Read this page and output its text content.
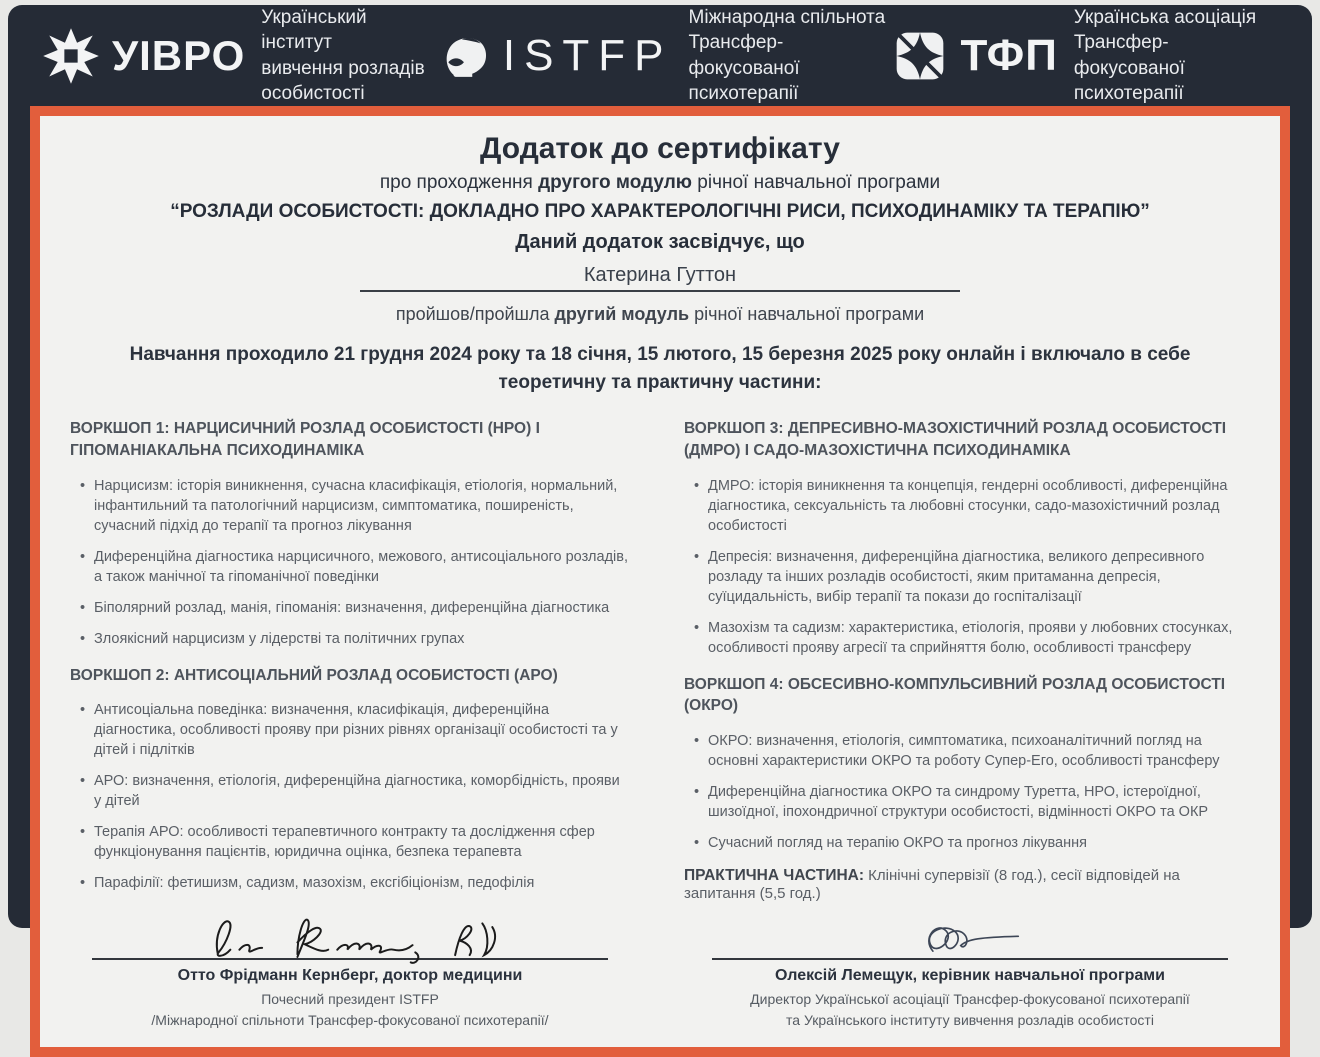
УІВРО
Український інститут
вивчення розладів
особистості
ISTFP
Міжнародна спільнота
Трансфер-фокусованої
психотерапії
ТФП
Українська асоціація
Трансфер-фокусованої
психотерапії
Додаток до сертифікату
про проходження другого модулю річної навчальної програми
“РОЗЛАДИ ОСОБИСТОСТІ: ДОКЛАДНО ПРО ХАРАКТЕРОЛОГІЧНІ РИСИ, ПСИХОДИНАМІКУ ТА ТЕРАПІЮ”
Даний додаток засвідчує, що
Катерина Гуттон
пройшов/пройшла другий модуль річної навчальної програми
Навчання проходило 21 грудня 2024 року та 18 січня, 15 лютого, 15 березня 2025 року онлайн і включало в себе
теоретичну та практичну частини:
ВОРКШОП 1: НАРЦИСИЧНИЙ РОЗЛАД ОСОБИСТОСТІ (НРО) І ГІПОМАНІАКАЛЬНА ПСИХОДИНАМІКА
• Нарцисизм: історія виникнення, сучасна класифікація, етіологія, нормальний, інфантильний та патологічний нарцисизм, симптоматика, поширеність, сучасний підхід до терапії та прогноз лікування
• Диференційна діагностика нарцисичного, межового, антисоціального розладів, а також манічної та гіпоманічної поведінки
• Біполярний розлад, манія, гіпоманія: визначення, диференційна діагностика
• Злоякісний нарцисизм у лідерстві та політичних групах
ВОРКШОП 2: АНТИСОЦІАЛЬНИЙ РОЗЛАД ОСОБИСТОСТІ (АРО)
• Антисоціальна поведінка: визначення, класифікація, диференційна діагностика, особливості прояву при різних рівнях організації особистості та у дітей і підлітків
• АРО: визначення, етіологія, диференційна діагностика, коморбідність, прояви у дітей
• Терапія АРО: особливості терапевтичного контракту та дослідження сфер функціонування пацієнтів, юридична оцінка, безпека терапевта
• Парафілії: фетишизм, садизм, мазохізм, ексгібіціонізм, педофілія
ВОРКШОП 3: ДЕПРЕСИВНО-МАЗОХІСТИЧНИЙ РОЗЛАД ОСОБИСТОСТІ (ДМРО) І САДО-МАЗОХІСТИЧНА ПСИХОДИНАМІКА
• ДМРО: історія виникнення та концепція, гендерні особливості, диференційна діагностика, сексуальність та любовні стосунки, садо-мазохістичний розлад особистості
• Депресія: визначення, диференційна діагностика, великого депресивного розладу та інших розладів особистості, яким притаманна депресія, суїцидальність, вибір терапії та покази до госпіталізації
• Мазохізм та садизм: характеристика, етіологія, прояви у любовних стосунках, особливості прояву агресії та сприйняття болю, особливості трансферу
ВОРКШОП 4: ОБСЕСИВНО-КОМПУЛЬСИВНИЙ РОЗЛАД ОСОБИСТОСТІ (ОКРО)
• ОКРО: визначення, етіологія, симптоматика, психоаналітичний погляд на основні характеристики ОКРО та роботу Супер-Его, особливості трансферу
• Диференційна діагностика ОКРО та синдрому Туретта, НРО, істероїдної, шизоїдної, іпохондричної структури особистості, відмінності ОКРО та ОКР
• Сучасний погляд на терапію ОКРО та прогноз лікування
ПРАКТИЧНА ЧАСТИНА: Клінічні супервізії (8 год.), сесії відповідей на запитання (5,5 год.)
Отто Фрідманн Кернберг, доктор медицини
Почесний президент ISTFP
/Міжнародної спільноти Трансфер-фокусованої психотерапії/
Олексій Лемещук, керівник навчальної програми
Директор Української асоціації Трансфер-фокусованої психотерапії
та Українського інституту вивчення розладів особистості
